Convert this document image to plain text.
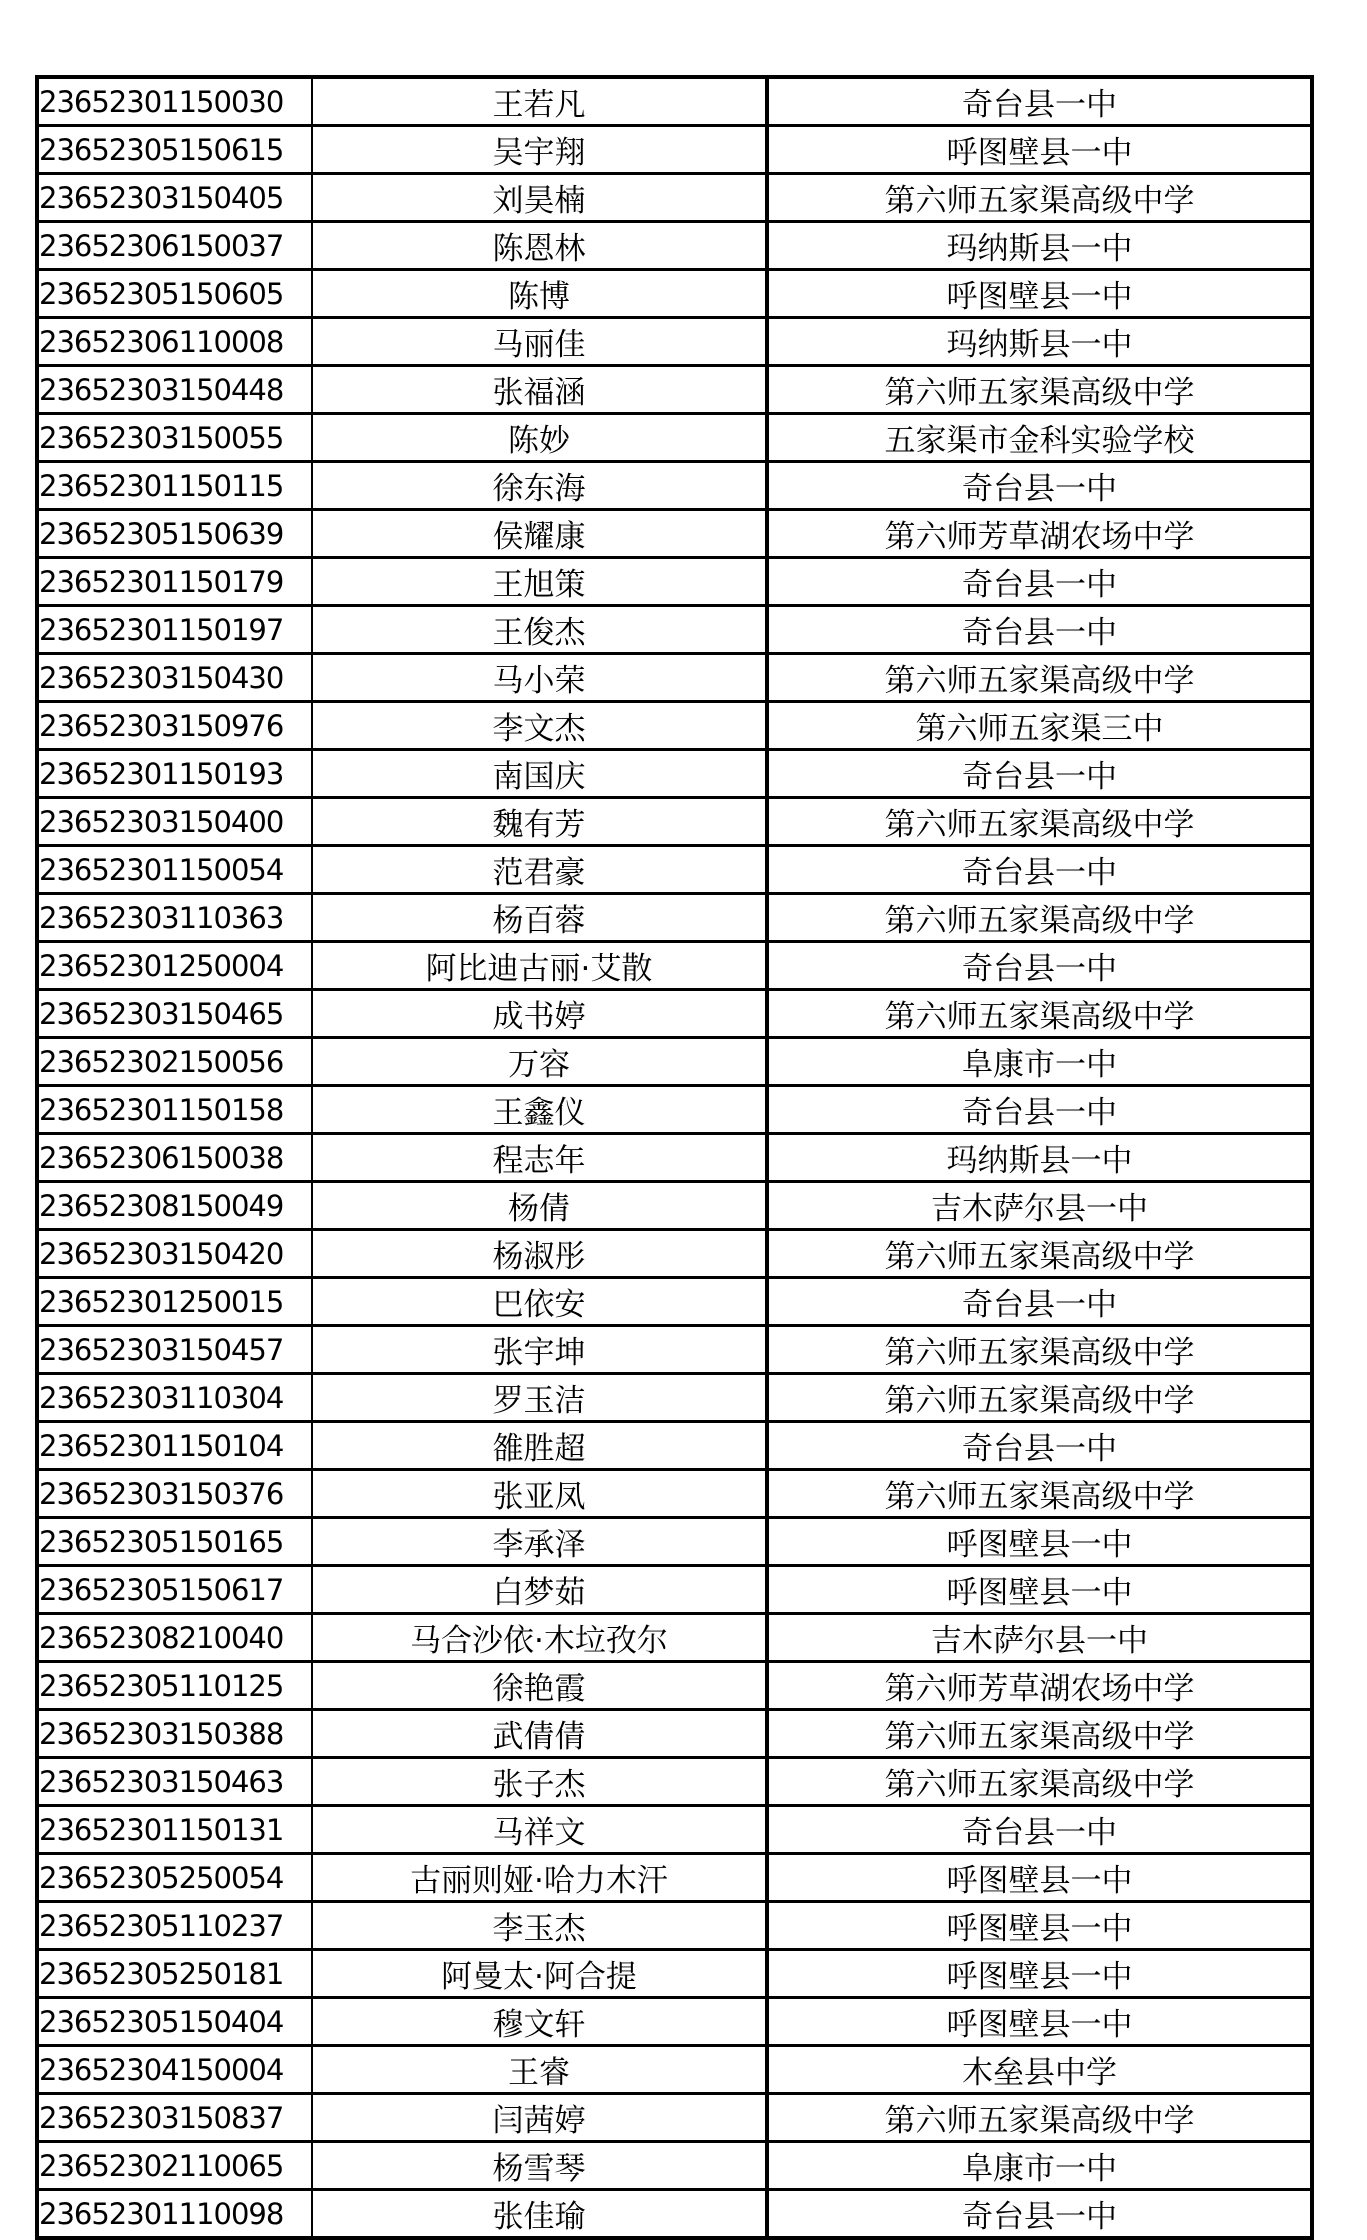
23652301150030	王若凡	奇台县一中
23652305150615	吴宇翔	呼图壁县一中
23652303150405	刘昊楠	第六师五家渠高级中学
23652306150037	陈恩林	玛纳斯县一中
23652305150605	陈博	呼图壁县一中
23652306110008	马丽佳	玛纳斯县一中
23652303150448	张福涵	第六师五家渠高级中学
23652303150055	陈妙	五家渠市金科实验学校
23652301150115	徐东海	奇台县一中
23652305150639	侯耀康	第六师芳草湖农场中学
23652301150179	王旭策	奇台县一中
23652301150197	王俊杰	奇台县一中
23652303150430	马小荣	第六师五家渠高级中学
23652303150976	李文杰	第六师五家渠三中
23652301150193	南国庆	奇台县一中
23652303150400	魏有芳	第六师五家渠高级中学
23652301150054	范君豪	奇台县一中
23652303110363	杨百蓉	第六师五家渠高级中学
23652301250004	阿比迪古丽·艾散	奇台县一中
23652303150465	成书婷	第六师五家渠高级中学
23652302150056	万容	阜康市一中
23652301150158	王鑫仪	奇台县一中
23652306150038	程志年	玛纳斯县一中
23652308150049	杨倩	吉木萨尔县一中
23652303150420	杨淑彤	第六师五家渠高级中学
23652301250015	巴依安	奇台县一中
23652303150457	张宇坤	第六师五家渠高级中学
23652303110304	罗玉洁	第六师五家渠高级中学
23652301150104	雒胜超	奇台县一中
23652303150376	张亚凤	第六师五家渠高级中学
23652305150165	李承泽	呼图壁县一中
23652305150617	白梦茹	呼图壁县一中
23652308210040	马合沙依·木垃孜尔	吉木萨尔县一中
23652305110125	徐艳霞	第六师芳草湖农场中学
23652303150388	武倩倩	第六师五家渠高级中学
23652303150463	张子杰	第六师五家渠高级中学
23652301150131	马祥文	奇台县一中
23652305250054	古丽则娅·哈力木汗	呼图壁县一中
23652305110237	李玉杰	呼图壁县一中
23652305250181	阿曼太·阿合提	呼图壁县一中
23652305150404	穆文轩	呼图壁县一中
23652304150004	王睿	木垒县中学
23652303150837	闫茜婷	第六师五家渠高级中学
23652302110065	杨雪琴	阜康市一中
23652301110098	张佳瑜	奇台县一中
